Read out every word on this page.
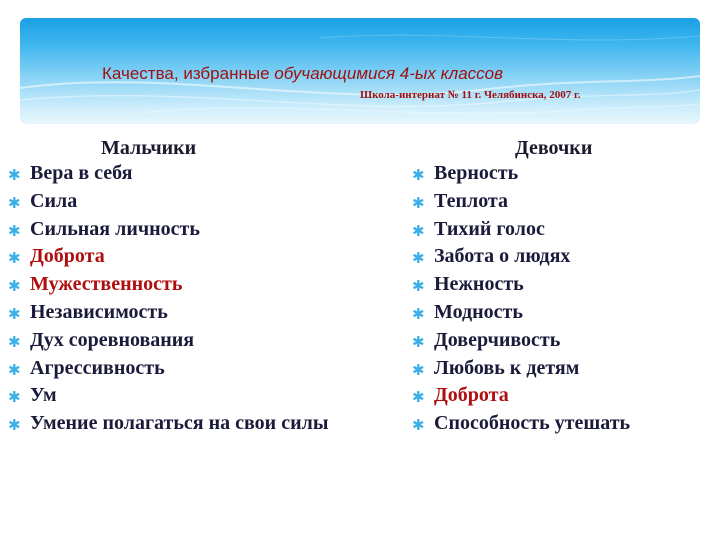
Качества, избранные обучающимися 4-ых классов
Школа-интернат № 11 г. Челябинска, 2007 г.
Мальчики
✱ Вера в себя
✱ Сила
✱ Сильная личность
✱ Доброта
✱ Мужественность
✱ Независимость
✱ Дух соревнования
✱ Агрессивность
✱ Ум
✱ Умение полагаться на свои силы
Девочки
✱ Верность
✱ Теплота
✱ Тихий голос
✱ Забота о людях
✱ Нежность
✱ Модность
✱ Доверчивость
✱ Любовь к детям
✱ Доброта
✱ Способность утешать
